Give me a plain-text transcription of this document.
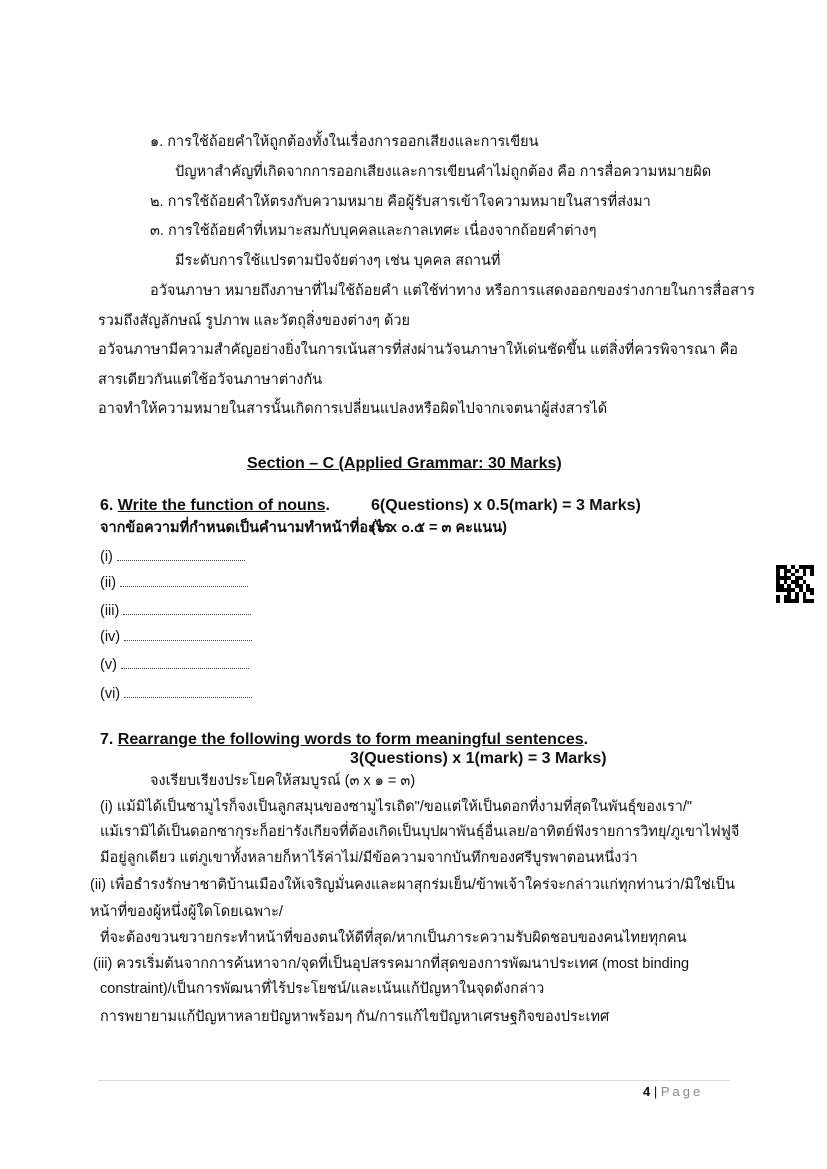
๑. การใช้ถ้อยคำให้ถูกต้องทั้งในเรื่องการออกเสียงและการเขียน
ปัญหาสำคัญที่เกิดจากการออกเสียงและการเขียนคำไม่ถูกต้อง คือ การสื่อความหมายผิด
๒. การใช้ถ้อยคำให้ตรงกับความหมาย คือผู้รับสารเข้าใจความหมายในสารที่ส่งมา
๓. การใช้ถ้อยคำที่เหมาะสมกับบุคคลและกาลเทศะ เนื่องจากถ้อยคำต่างๆ
มีระดับการใช้แปรตามปัจจัยต่างๆ เช่น บุคคล สถานที่
อวัจนภาษา หมายถึงภาษาที่ไม่ใช้ถ้อยคำ แต่ใช้ท่าทาง หรือการแสดงออกของร่างกายในการสื่อสาร
รวมถึงสัญลักษณ์ รูปภาพ และวัตถุสิ่งของต่างๆ ด้วย
อวัจนภาษามีความสำคัญอย่างยิ่งในการเน้นสารที่ส่งผ่านวัจนภาษาให้เด่นชัดขึ้น แต่สิ่งที่ควรพิจารณา คือ
สารเดียวกันแต่ใช้อวัจนภาษาต่างกัน
อาจทำให้ความหมายในสารนั้นเกิดการเปลี่ยนแปลงหรือผิดไปจากเจตนาผู้ส่งสารได้
Section – C (Applied Grammar: 30 Marks)
6. Write the function of nouns.	6(Questions) x 0.5(mark) = 3 Marks)
จากข้อความที่กำหนดเป็นคำนามทำหน้าที่อะไร
(๖ x ๐.๕ = ๓ คะแนน)
(i)
(ii)
(iii)
(iv)
(v)
(vi)
7. Rearrange the following words to form meaningful sentences.
3(Questions) x 1(mark) = 3 Marks)
จงเรียบเรียงประโยคให้สมบูรณ์ (๓ x ๑ = ๓)
(i) แม้มิได้เป็นซามูไรก็จงเป็นลูกสมุนของซามูไรเถิด"/ขอแต่ให้เป็นดอกที่งามที่สุดในพันธุ์ของเรา/"
แม้เรามิได้เป็นดอกซากุระก็อย่ารังเกียจที่ต้องเกิดเป็นบุปผาพันธุ์อื่นเลย/อาทิตย์ฟังรายการวิทยุ/ภูเขาไฟฟูจี
มีอยู่ลูกเดียว แต่ภูเขาทั้งหลายก็หาไร้ค่าไม่/มีข้อความจากบันทึกของศรีบูรพาตอนหนึ่งว่า
(ii) เพื่อธำรงรักษาชาติบ้านเมืองให้เจริญมั่นคงและผาสุกร่มเย็น/ข้าพเจ้าใคร่จะกล่าวแก่ทุกท่านว่า/มิใช่เป็น
หน้าที่ของผู้หนึ่งผู้ใดโดยเฉพาะ/
ที่จะต้องขวนขวายกระทำหน้าที่ของตนให้ดีที่สุด/หากเป็นภาระความรับผิดชอบของคนไทยทุกคน
(iii) ควรเริ่มต้นจากการค้นหาจาก/จุดที่เป็นอุปสรรคมากที่สุดของการพัฒนาประเทศ (most binding
constraint)/เป็นการพัฒนาที่ไร้ประโยชน์/และเน้นแก้ปัญหาในจุดดังกล่าว
การพยายามแก้ปัญหาหลายปัญหาพร้อมๆ กัน/การแก้ไขปัญหาเศรษฐกิจของประเทศ
4 | Page
